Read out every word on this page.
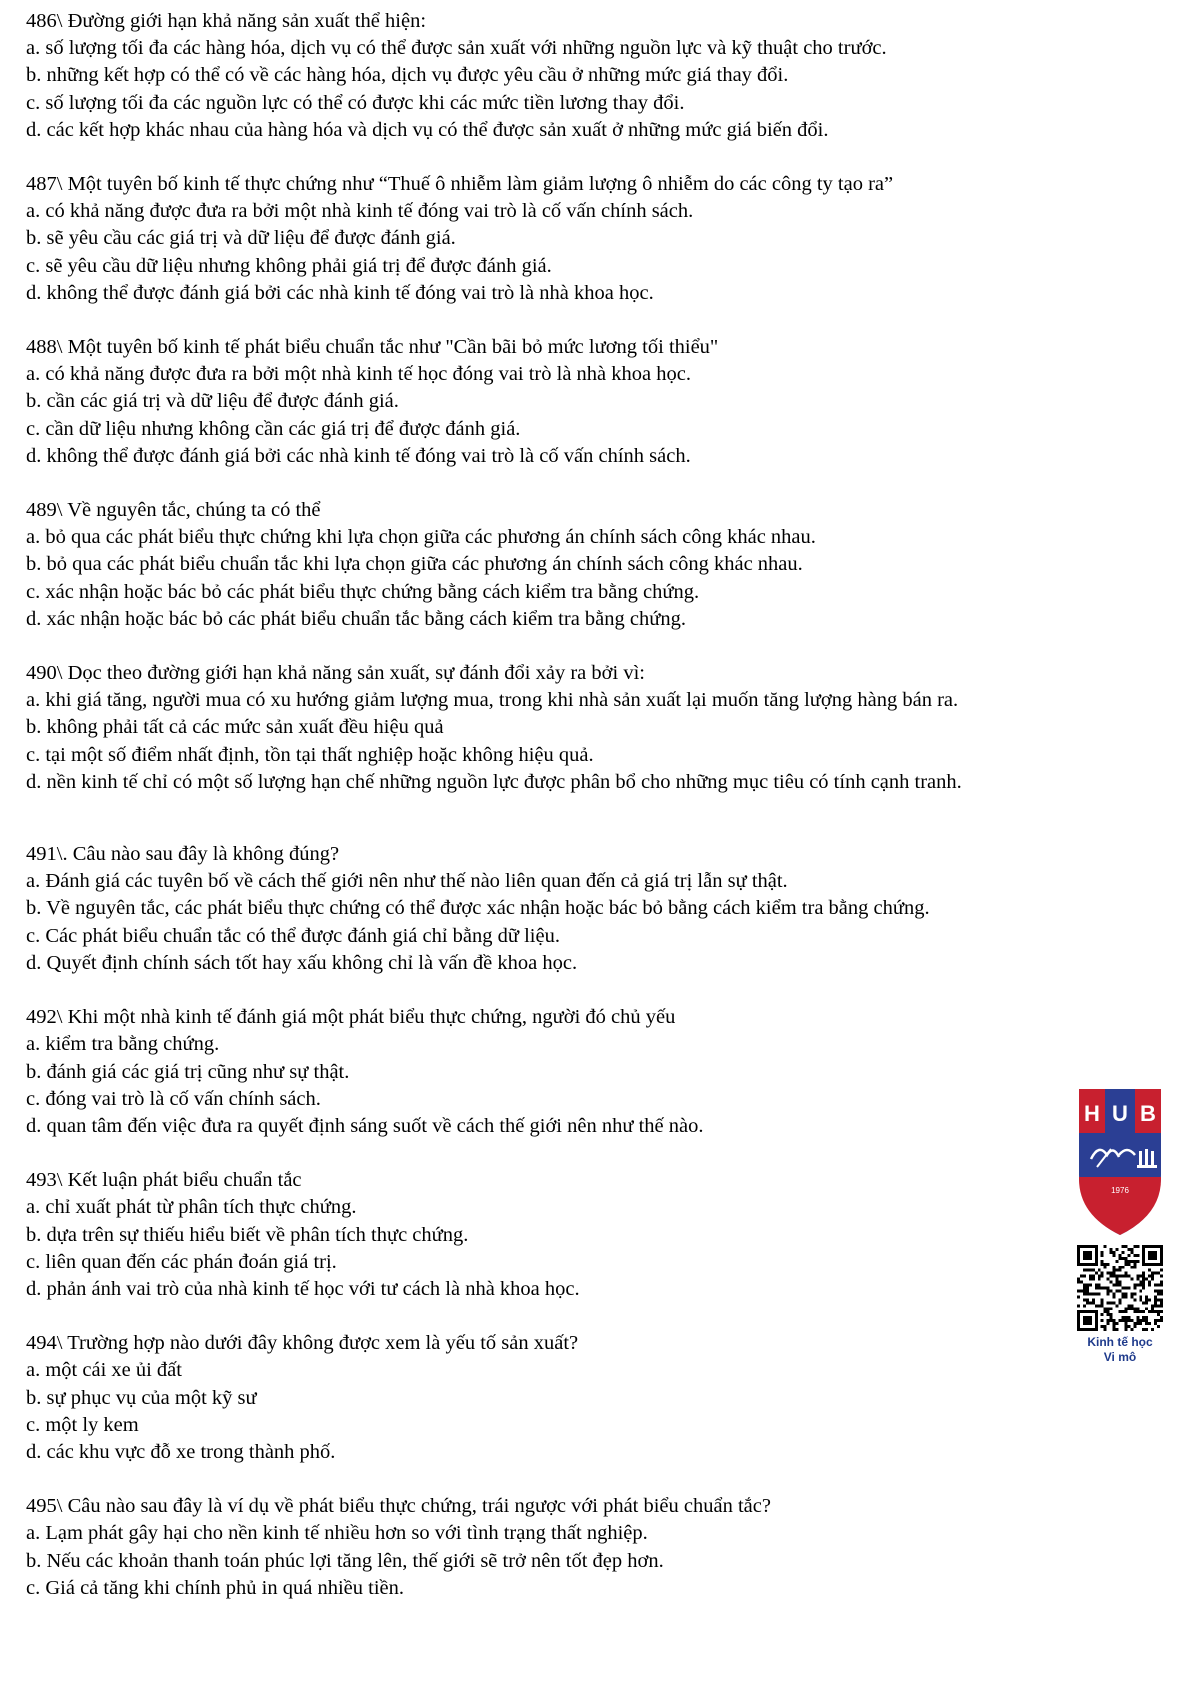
486\ Đường giới hạn khả năng sản xuất thể hiện:
a. số lượng tối đa các hàng hóa, dịch vụ có thể được sản xuất với những nguồn lực và kỹ thuật cho trước.
b. những kết hợp có thể có về các hàng hóa, dịch vụ được yêu cầu ở những mức giá thay đổi.
c. số lượng tối đa các nguồn lực có thể có được khi các mức tiền lương thay đổi.
d. các kết hợp khác nhau của hàng hóa và dịch vụ có thể được sản xuất ở những mức giá biến đổi.
487\ Một tuyên bố kinh tế thực chứng như “Thuế ô nhiễm làm giảm lượng ô nhiễm do các công ty tạo ra”
a. có khả năng được đưa ra bởi một nhà kinh tế đóng vai trò là cố vấn chính sách.
b. sẽ yêu cầu các giá trị và dữ liệu để được đánh giá.
c. sẽ yêu cầu dữ liệu nhưng không phải giá trị để được đánh giá.
d. không thể được đánh giá bởi các nhà kinh tế đóng vai trò là nhà khoa học.
488\ Một tuyên bố kinh tế phát biểu chuẩn tắc như "Cần bãi bỏ mức lương tối thiểu"
a. có khả năng được đưa ra bởi một nhà kinh tế học đóng vai trò là nhà khoa học.
b. cần các giá trị và dữ liệu để được đánh giá.
c. cần dữ liệu nhưng không cần các giá trị để được đánh giá.
d. không thể được đánh giá bởi các nhà kinh tế đóng vai trò là cố vấn chính sách.
489\ Về nguyên tắc, chúng ta có thể
a. bỏ qua các phát biểu thực chứng khi lựa chọn giữa các phương án chính sách công khác nhau.
b. bỏ qua các phát biểu chuẩn tắc khi lựa chọn giữa các phương án chính sách công khác nhau.
c. xác nhận hoặc bác bỏ các phát biểu thực chứng bằng cách kiểm tra bằng chứng.
d. xác nhận hoặc bác bỏ các phát biểu chuẩn tắc bằng cách kiểm tra bằng chứng.
490\ Dọc theo đường giới hạn khả năng sản xuất, sự đánh đổi xảy ra bởi vì:
a. khi giá tăng, người mua có xu hướng giảm lượng mua, trong khi nhà sản xuất lại muốn tăng lượng hàng bán ra.
b. không phải tất cả các mức sản xuất đều hiệu quả
c. tại một số điểm nhất định, tồn tại thất nghiệp hoặc không hiệu quả.
d. nền kinh tế chỉ có một số lượng hạn chế những nguồn lực được phân bổ cho những mục tiêu có tính cạnh tranh.
491\. Câu nào sau đây là không đúng?
a. Đánh giá các tuyên bố về cách thế giới nên như thế nào liên quan đến cả giá trị lẫn sự thật.
b. Về nguyên tắc, các phát biểu thực chứng có thể được xác nhận hoặc bác bỏ bằng cách kiểm tra bằng chứng.
c. Các phát biểu chuẩn tắc có thể được đánh giá chỉ bằng dữ liệu.
d. Quyết định chính sách tốt hay xấu không chỉ là vấn đề khoa học.
492\ Khi một nhà kinh tế đánh giá một phát biểu thực chứng, người đó chủ yếu
a. kiểm tra bằng chứng.
b. đánh giá các giá trị cũng như sự thật.
c. đóng vai trò là cố vấn chính sách.
d. quan tâm đến việc đưa ra quyết định sáng suốt về cách thế giới nên như thế nào.
493\ Kết luận phát biểu chuẩn tắc
a. chỉ xuất phát từ phân tích thực chứng.
b. dựa trên sự thiếu hiểu biết về phân tích thực chứng.
c. liên quan đến các phán đoán giá trị.
d. phản ánh vai trò của nhà kinh tế học với tư cách là nhà khoa học.
494\ Trường hợp nào dưới đây không được xem là yếu tố sản xuất?
a. một cái xe ủi đất
b. sự phục vụ của một kỹ sư
c. một ly kem
d. các khu vực đỗ xe trong thành phố.
495\ Câu nào sau đây là ví dụ về phát biểu thực chứng, trái ngược với phát biểu chuẩn tắc?
a. Lạm phát gây hại cho nền kinh tế nhiều hơn so với tình trạng thất nghiệp.
b. Nếu các khoản thanh toán phúc lợi tăng lên, thế giới sẽ trở nên tốt đẹp hơn.
c. Giá cả tăng khi chính phủ in quá nhiều tiền.
H U B
1976
Kinh tế học
Vi mô
